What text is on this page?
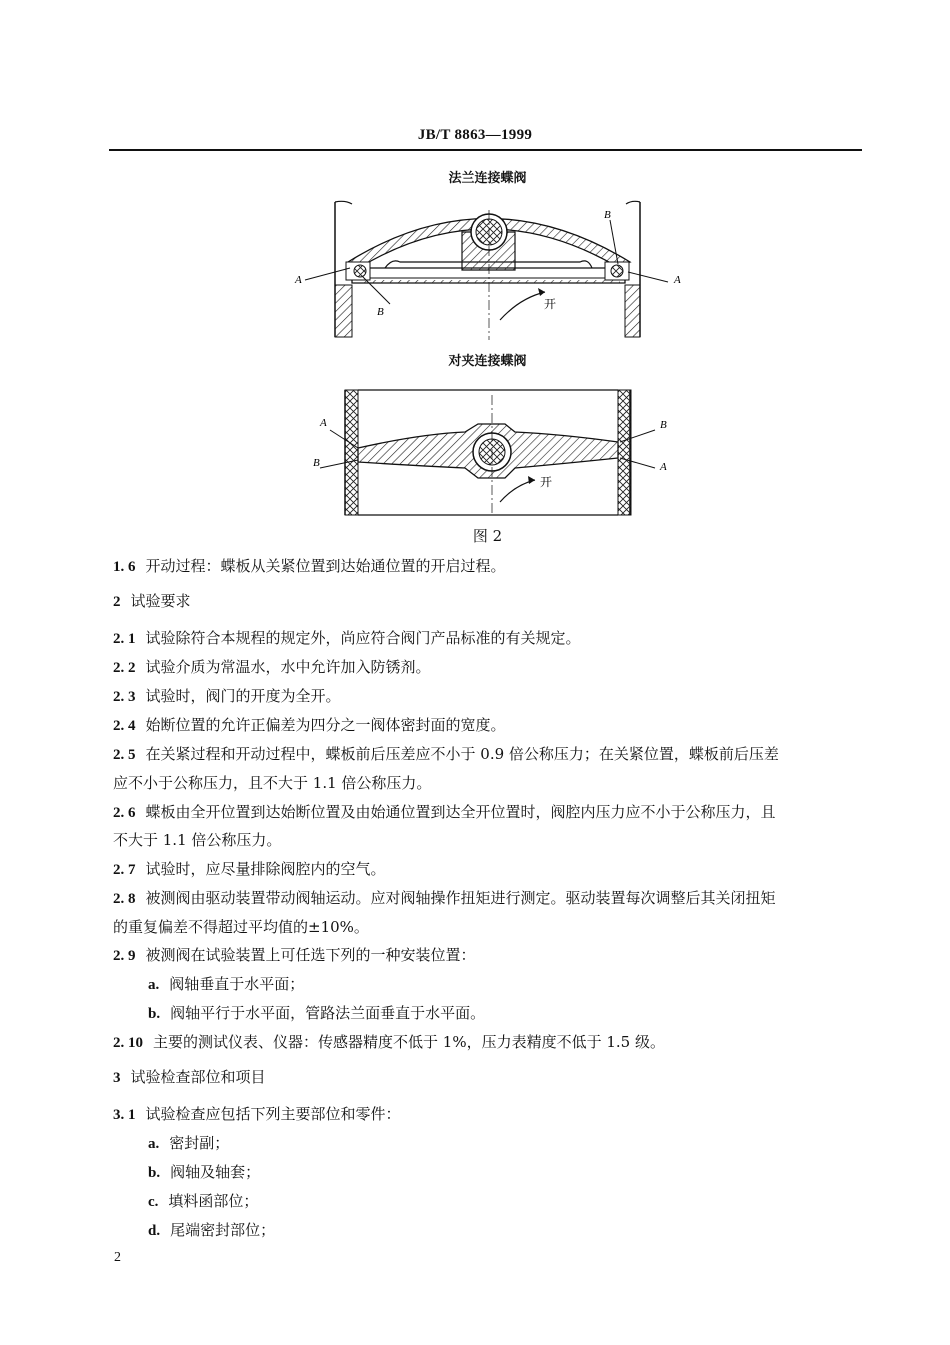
JB/T 8863—1999
法兰连接蝶阀
A
B
B
A
开
对夹连接蝶阀
A
B
B
A
开
图 2
1. 6 开动过程：蝶板从关紧位置到达始通位置的开启过程。
2 试验要求
2. 1 试验除符合本规程的规定外，尚应符合阀门产品标准的有关规定。
2. 2 试验介质为常温水，水中允许加入防锈剂。
2. 3 试验时，阀门的开度为全开。
2. 4 始断位置的允许正偏差为四分之一阀体密封面的宽度。
2. 5 在关紧过程和开动过程中，蝶板前后压差应不小于 0.9 倍公称压力；在关紧位置，蝶板前后压差
应不小于公称压力，且不大于 1.1 倍公称压力。
2. 6 蝶板由全开位置到达始断位置及由始通位置到达全开位置时，阀腔内压力应不小于公称压力，且
不大于 1.1 倍公称压力。
2. 7 试验时，应尽量排除阀腔内的空气。
2. 8 被测阀由驱动装置带动阀轴运动。应对阀轴操作扭矩进行测定。驱动装置每次调整后其关闭扭矩
的重复偏差不得超过平均值的±10%。
2. 9 被测阀在试验装置上可任选下列的一种安装位置：
a. 阀轴垂直于水平面；
b. 阀轴平行于水平面，管路法兰面垂直于水平面。
2. 10 主要的测试仪表、仪器：传感器精度不低于 1%，压力表精度不低于 1.5 级。
3 试验检查部位和项目
3. 1 试验检查应包括下列主要部位和零件：
a. 密封副；
b. 阀轴及轴套；
c. 填料函部位；
d. 尾端密封部位；
2
